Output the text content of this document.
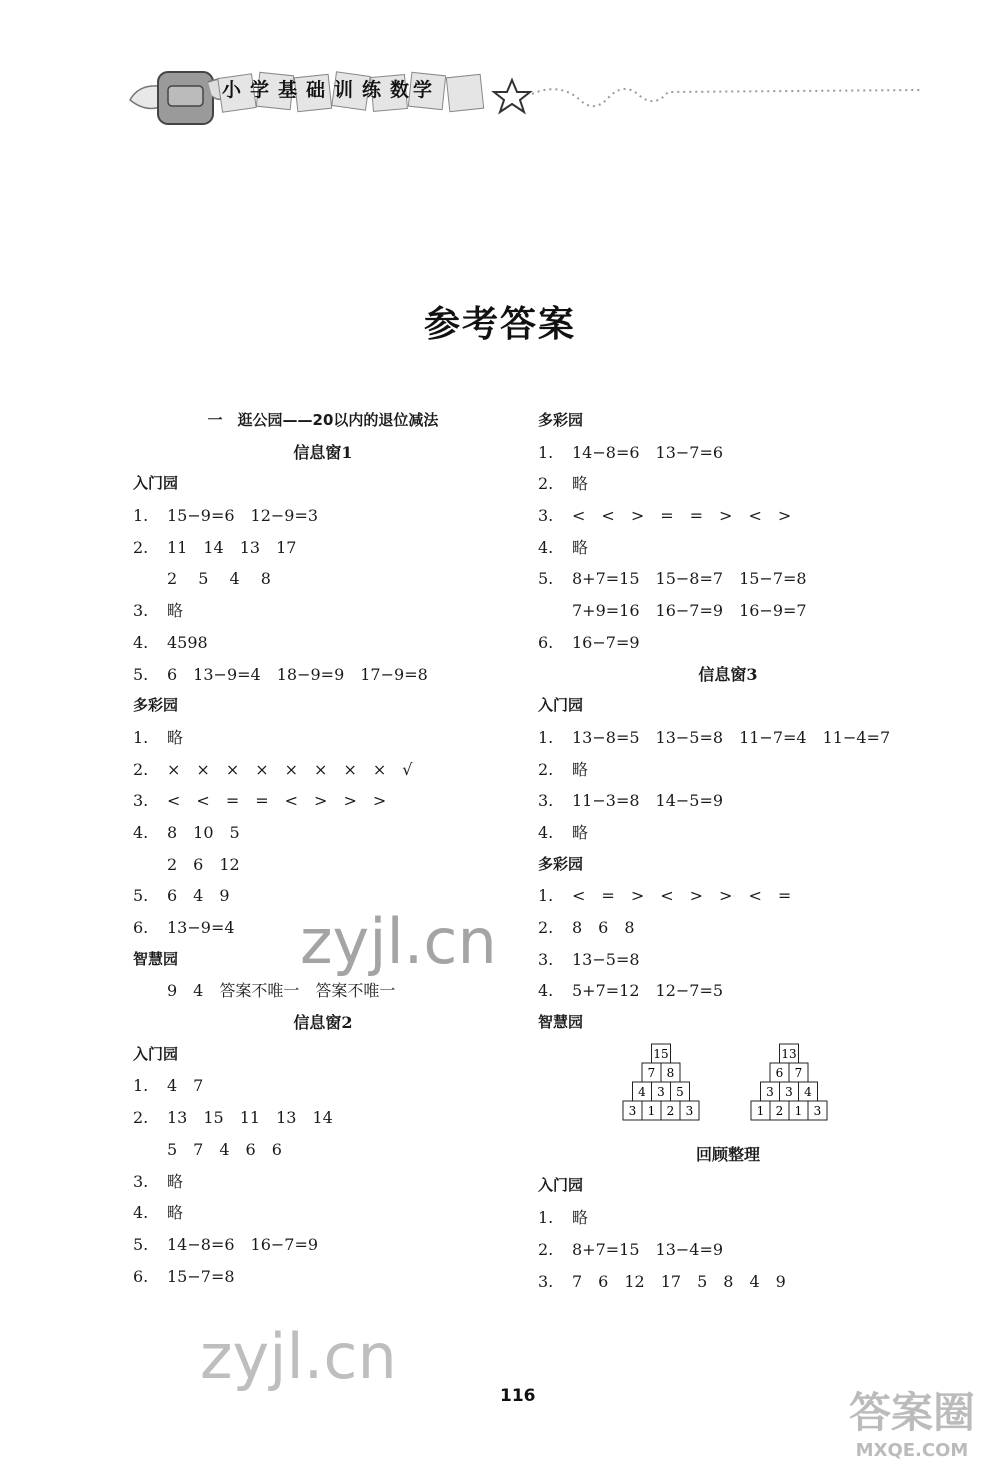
小学基础训练数学
参考答案
一　逛公园——20以内的退位减法
信息窗1
入门园
1. 15−9=6　12−9=3
2. 11　14　13　17
2　 5 　4　 8
3. 略
4. 4598
5. 6　13−9=4　18−9=9　17−9=8
多彩园
1. 略
2. ×　×　×　×　×　×　×　×　√
3. <　<　=　=　<　>　>　>
4. 8　10　5
2　6　12
5. 6　4　9
6. 13−9=4
智慧园
9　4　答案不唯一　答案不唯一
信息窗2
入门园
1. 4　7
2. 13　15　11　13　14
5　7　4　6　6
3. 略
4. 略
5. 14−8=6　16−7=9
6. 15−7=8
多彩园
1. 14−8=6　13−7=6
2. 略
3. <　<　>　=　=　>　<　>
4. 略
5. 8+7=15　15−8=7　15−7=8
7+9=16　16−7=9　16−9=7
6. 16−7=9
信息窗3
入门园
1. 13−8=5　13−5=8　11−7=4　11−4=7
2. 略
3. 11−3=8　14−5=9
4. 略
多彩园
1. <　=　>　<　>　>　<　=
2. 8　6　8
3. 13−5=8
4. 5+7=12　12−7=5
智慧园
15
7 8
4 3 5
3 1 2 3
13
6 7
3 3 4
1 2 1 3
回顾整理
入门园
1. 略
2. 8+7=15　13−4=9
3. 7　6　12　17　5　8　4　9
116
zyjl.cn
zyjl.cn
答案圈
MXQE.COM
